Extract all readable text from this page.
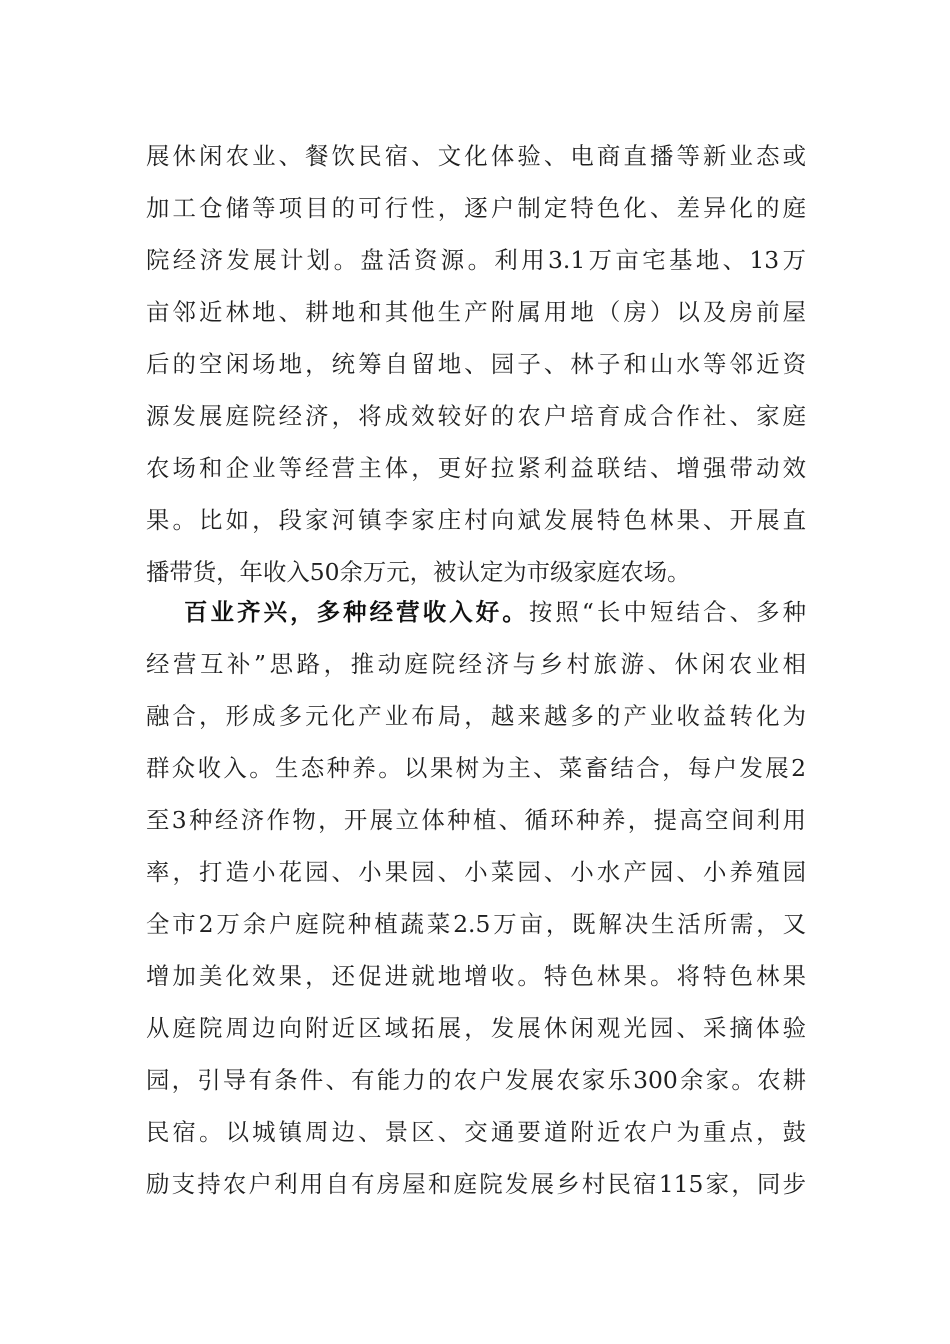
展休闲农业、餐饮民宿、文化体验、电商直播等新业态或
加工仓储等项目的可行性，逐户制定特色化、差异化的庭
院经济发展计划。盘活资源。利用3.1万亩宅基地、13万
亩邻近林地、耕地和其他生产附属用地（房）以及房前屋
后的空闲场地，统筹自留地、园子、林子和山水等邻近资
源发展庭院经济，将成效较好的农户培育成合作社、家庭
农场和企业等经营主体，更好拉紧利益联结、增强带动效
果。比如，段家河镇李家庄村向斌发展特色林果、开展直
播带货，年收入50余万元，被认定为市级家庭农场。
百业齐兴，多种经营收入好。按照“长中短结合、多种
经营互补”思路，推动庭院经济与乡村旅游、休闲农业相
融合，形成多元化产业布局，越来越多的产业收益转化为
群众收入。生态种养。以果树为主、菜畜结合，每户发展2
至3种经济作物，开展立体种植、循环种养，提高空间利用
率，打造小花园、小果园、小菜园、小水产园、小养殖园
全市2万余户庭院种植蔬菜2.5万亩，既解决生活所需，又
增加美化效果，还促进就地增收。特色林果。将特色林果
从庭院周边向附近区域拓展，发展休闲观光园、采摘体验
园，引导有条件、有能力的农户发展农家乐300余家。农耕
民宿。以城镇周边、景区、交通要道附近农户为重点，鼓
励支持农户利用自有房屋和庭院发展乡村民宿115家，同步
